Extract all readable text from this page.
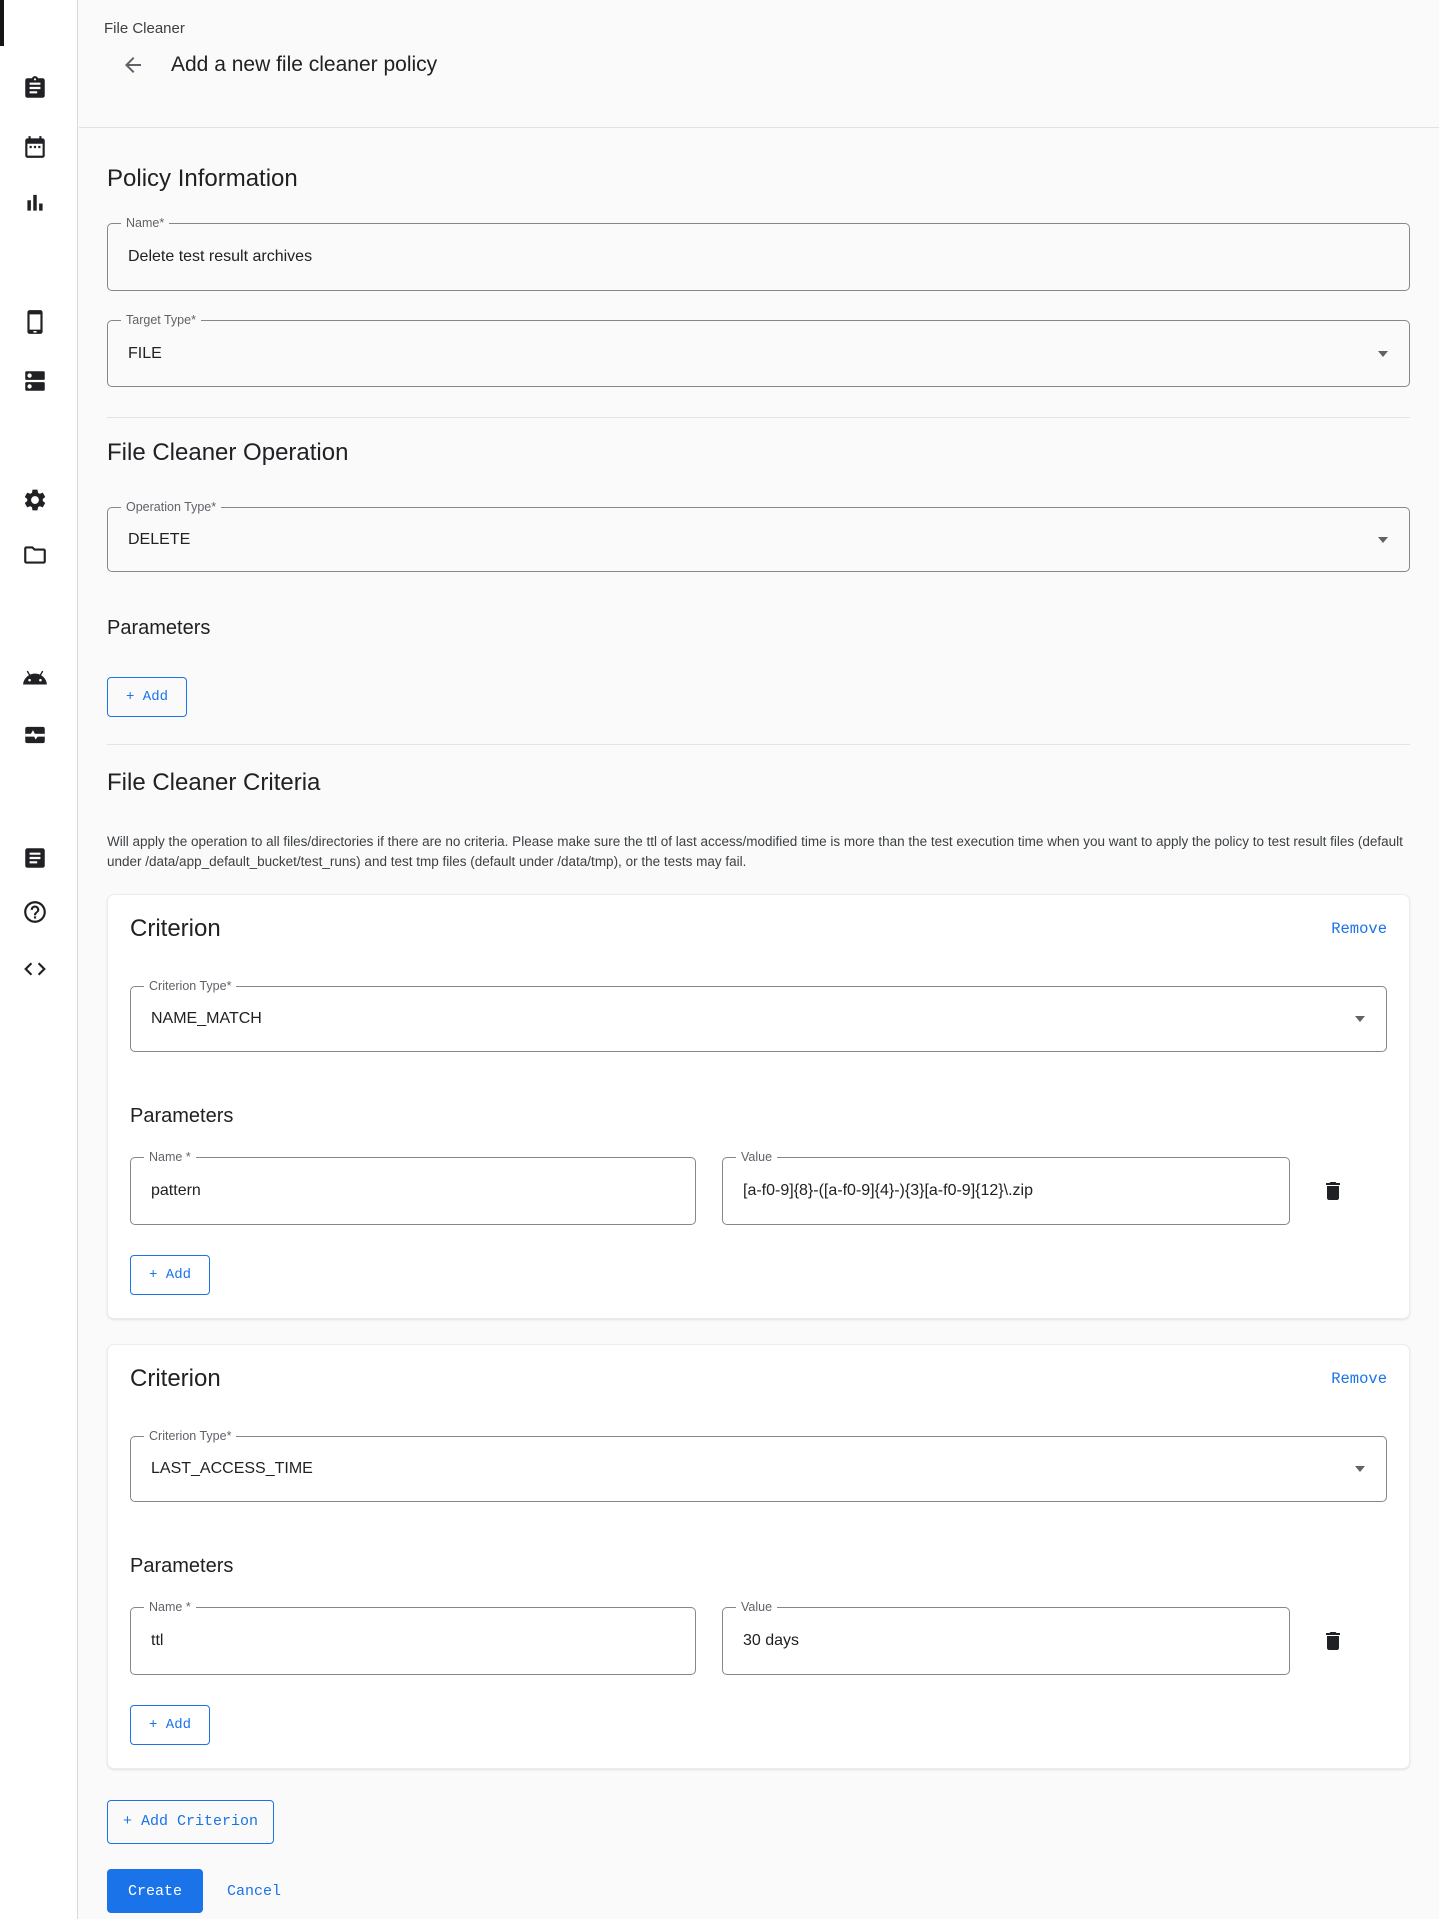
File Cleaner
Add a new file cleaner policy
Policy Information
Name*
Delete test result archives
Target Type*
FILE
File Cleaner Operation
Operation Type*
DELETE
Parameters
+ Add
File Cleaner Criteria

Will apply the operation to all files/directories if there are no criteria. Please make sure the ttl of last access/modified time is more than the test execution time when you want to apply the policy to test result files (default under /data/app_default_bucket/test_runs) and test tmp files (default under /data/tmp), or the tests may fail.

Criterion	Remove
Criterion Type*
NAME_MATCH
Parameters
Name *
pattern
Value
[a-f0-9]{8}-([a-f0-9]{4}-){3}[a-f0-9]{12}\.zip
+ Add
Criterion	Remove
Criterion Type*
LAST_ACCESS_TIME
Parameters
Name *
ttl
Value
30 days
+ Add
+ Add Criterion
Create	Cancel
